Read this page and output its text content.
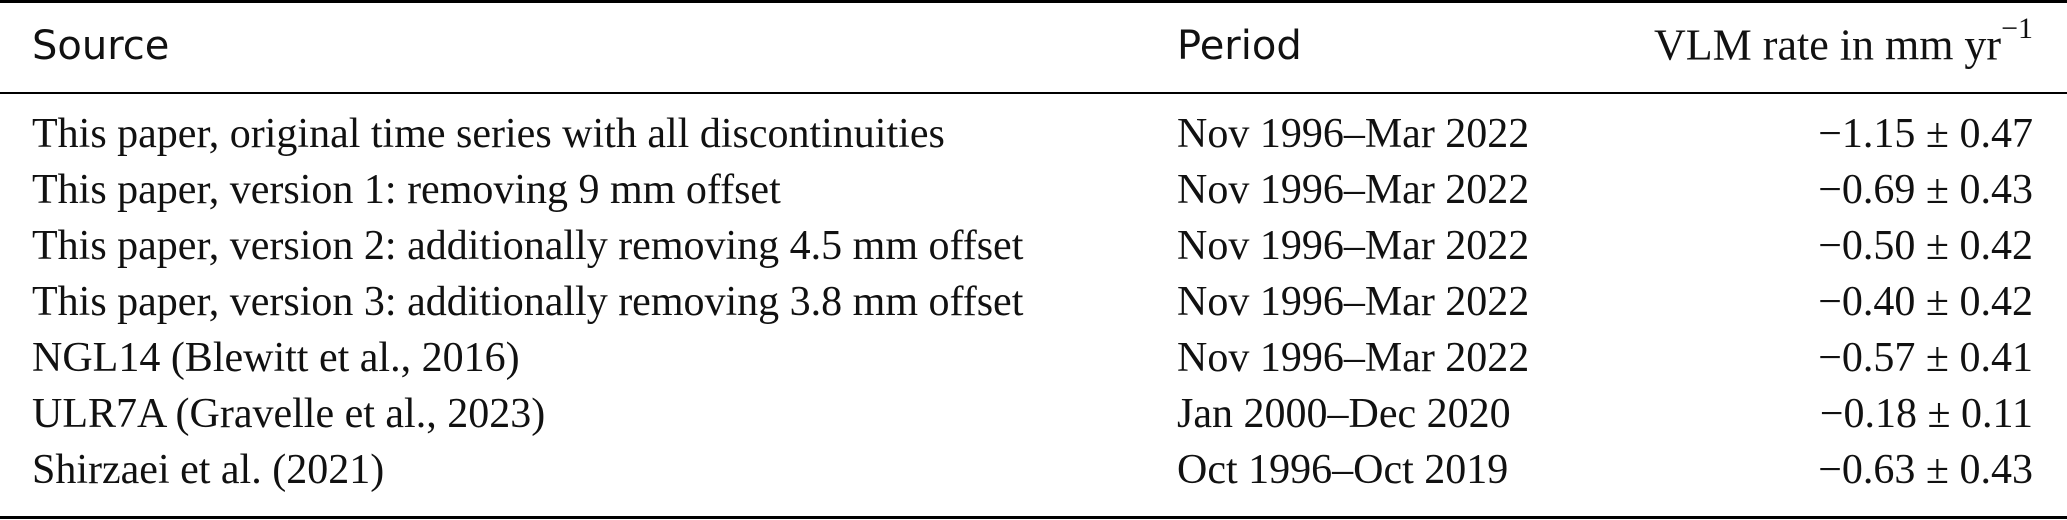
Source	Period	VLM rate in mm $yr^{-1}$
This paper, original time series with all discontinuities	Nov 1996–Mar 2022	−1.15 ± 0.47
This paper, version 1: removing 9 mm offset	Nov 1996–Mar 2022	−0.69 ± 0.43
This paper, version 2: additionally removing 4.5 mm offset	Nov 1996–Mar 2022	−0.50 ± 0.42
This paper, version 3: additionally removing 3.8 mm offset	Nov 1996–Mar 2022	−0.40 ± 0.42
NGL14 (Blewitt et al., 2016)	Nov 1996–Mar 2022	−0.57 ± 0.41
ULR7A (Gravelle et al., 2023)	Jan 2000–Dec 2020	−0.18 ± 0.11
Shirzaei et al. (2021)	Oct 1996–Oct 2019	−0.63 ± 0.43
